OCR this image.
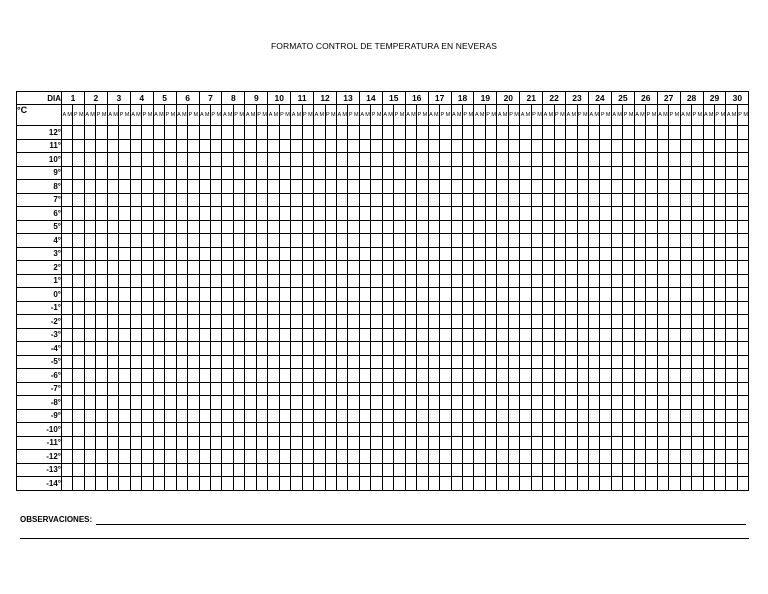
FORMATO CONTROL DE TEMPERATURA EN NEVERAS
DIA	1		2		3		4		5		6		7		8		9		10		11		12		13		14		15		16		17		18		19		20		21		22		23		24		25		26		27		28		29		30	
°C	A M	P M	A M	P M	A M	P M	A M	P M	A M	P M	A M	P M	A M	P M	A M	P M	A M	P M	A M	P M	A M	P M	A M	P M	A M	P M	A M	P M	A M	P M	A M	P M	A M	P M	A M	P M	A M	P M	A M	P M	A M	P M	A M	P M	A M	P M	A M	P M	A M	P M	A M	P M	A M	P M	A M	P M	A M	P M	A M	P M
12°																																																												
11°																																																												
10°																																																												
9°																																																												
8°																																																												
7°																																																												
6°																																																												
5°																																																												
4°																																																												
3°																																																												
2°																																																												
1°																																																												
0°																																																												
-1°																																																												
-2°																																																												
-3°																																																												
-4°																																																												
-5°																																																												
-6°																																																												
-7°																																																												
-8°																																																												
-9°																																																												
-10°																																																												
-11°																																																												
-12°																																																												
-13°																																																												
-14°																																																												
OBSERVACIONES:
